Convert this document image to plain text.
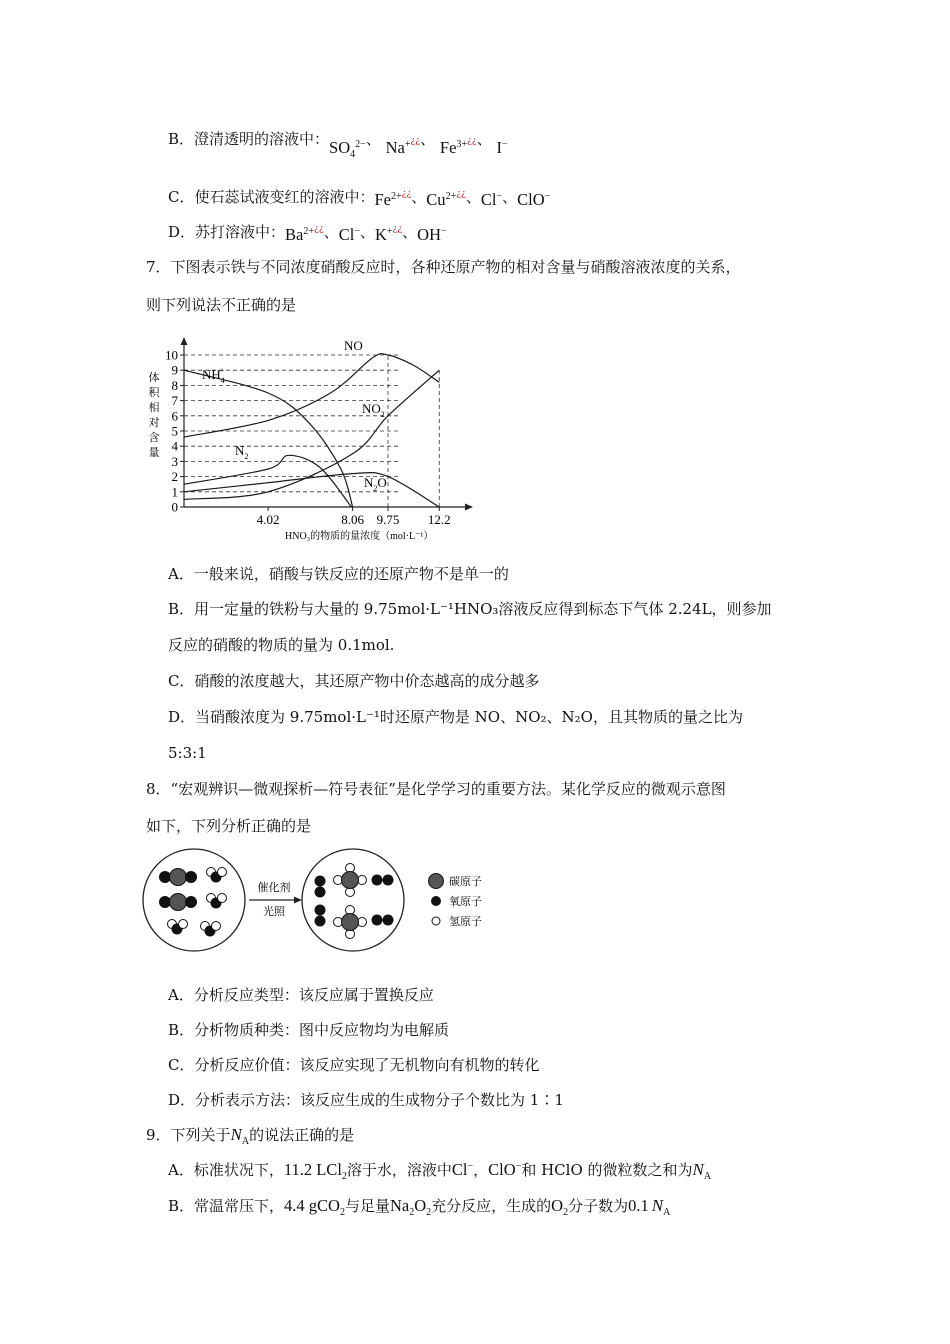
B．澄清透明的溶液中：$SO_4^{2-}$、 Na+¿¿、 $Fe^{3+}¿¿$、 I−
C．使石蕊试液变红的溶液中：$Fe^{2+¿¿}$、$Cu^{2+¿¿}$、Cl−、ClO−
D．苏打溶液中：$Ba^{2+¿¿}$、Cl−、K+¿¿、OH−
7．下图表示铁与不同浓度硝酸反应时，各种还原产物的相对含量与硝酸溶液浓度的关系，
则下列说法不正确的是
体
积
相
对
含
量
0
1
2
3
4
5
6
7
8
9
10
4.02	8.06 9.75 12.2
$NH_4+$
NO
$NO_2$
$N_2$
$N_2O$
HNO₃的物质的量浓度（mol·L⁻¹）
A．一般来说，硝酸与铁反应的还原产物不是单一的
B．用一定量的铁粉与大量的 9.75mol·L⁻¹HNO₃溶液反应得到标态下气体 2.24L，则参加
反应的硝酸的物质的量为 0.1mol.
C．硝酸的浓度越大，其还原产物中价态越高的成分越多
D．当硝酸浓度为 9.75mol·L⁻¹时还原产物是 NO、NO₂、N₂O，且其物质的量之比为
5:3:1
8．“宏观辨识—微观探析—符号表征”是化学学习的重要方法。某化学反应的微观示意图
如下，下列分析正确的是
催化剂
光照
碳原子
氧原子
氢原子
A．分析反应类型：该反应属于置换反应
B．分析物质种类：图中反应物均为电解质
C．分析反应价值：该反应实现了无机物向有机物的转化
D．分析表示方法：该反应生成的生成物分子个数比为 1∶1
9．下列关于$N_A$的说法正确的是
A．标准状况下，11.2 LCl$_2$溶于水，溶液中Cl−，ClO−和 HClO 的微粒数之和为$N_A$
B．常温常压下，4.4 gCO$_2$与足量$Na_2O_2$充分反应，生成的$O_2$分子数为0.1 $N_A$
